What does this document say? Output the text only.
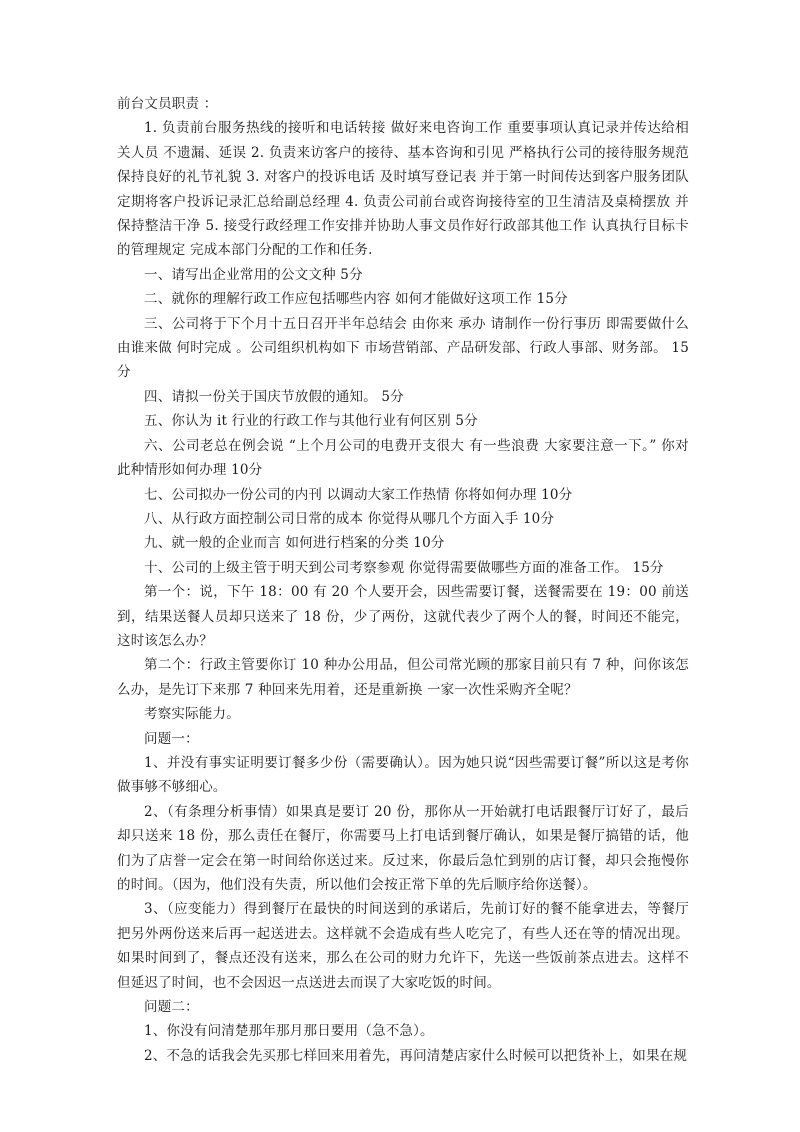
前台文员职责 ：

1. 负责前台服务热线的接听和电话转接 做好来电咨询工作 重要事项认真记录并传达给相关人员 不遗漏、延误 2. 负责来访客户的接待、基本咨询和引见 严格执行公司的接待服务规范 保持良好的礼节礼貌 3. 对客户的投诉电话 及时填写登记表 并于第一时间传达到客户服务团队 定期将客户投诉记录汇总给副总经理 4. 负责公司前台或咨询接待室的卫生清洁及桌椅摆放 并保持整洁干净 5. 接受行政经理工作安排并协助人事文员作好行政部其他工作 认真执行目标卡的管理规定 完成本部门分配的工作和任务.

一、请写出企业常用的公文文种 5分

二、就你的理解行政工作应包括哪些内容 如何才能做好这项工作 15分

三、公司将于下个月十五日召开半年总结会 由你来 承办 请制作一份行事历 即需要做什么 由谁来做 何时完成 。公司组织机构如下 市场营销部、产品研发部、行政人事部、财务部。 15分

四、请拟一份关于国庆节放假的通知。 5分

五、你认为 it 行业的行政工作与其他行业有何区别 5分

六、公司老总在例会说 “上个月公司的电费开支很大 有一些浪费 大家要注意一下。” 你对此种情形如何办理 10分

七、公司拟办一份公司的内刊 以调动大家工作热情 你将如何办理 10分

八、从行政方面控制公司日常的成本 你觉得从哪几个方面入手 10分

九、就一般的企业而言 如何进行档案的分类 10分

十、公司的上级主管于明天到公司考察参观 你觉得需要做哪些方面的准备工作。 15分

第一个：说，下午 18：00 有 20 个人要开会，因些需要订餐，送餐需要在 19：00 前送到，结果送餐人员却只送来了 18 份，少了两份，这就代表少了两个人的餐，时间还不能完，这时该怎么办？

第二个：行政主管要你订 10 种办公用品，但公司常光顾的那家目前只有 7 种，问你该怎么办，是先订下来那 7 种回来先用着，还是重新换 一家一次性采购齐全呢？

考察实际能力。

问题一：

1、并没有事实证明要订餐多少份（需要确认）。因为她只说“因些需要订餐”所以这是考你做事够不够细心。

2、（有条理分析事情）如果真是要订 20 份，那你从一开始就打电话跟餐厅订好了，最后却只送来 18 份，那么责任在餐厅，你需要马上打电话到餐厅确认，如果是餐厅搞错的话，他们为了店誉一定会在第一时间给你送过来。反过来，你最后急忙到别的店订餐，却只会拖慢你的时间。（因为，他们没有失责，所以他们会按正常下单的先后顺序给你送餐）。

3、（应变能力）得到餐厅在最快的时间送到的承诺后，先前订好的餐不能拿进去，等餐厅把另外两份送来后再一起送进去。这样就不会造成有些人吃完了，有些人还在等的情况出现。如果时间到了，餐点还没有送来，那么在公司的财力允许下，先送一些饭前茶点进去。这样不但延迟了时间，也不会因迟一点送进去而误了大家吃饭的时间。

问题二：

1、你没有问清楚那年那月那日要用（急不急）。

2、不急的话我会先买那七样回来用着先，再问清楚店家什么时候可以把货补上，如果在规
